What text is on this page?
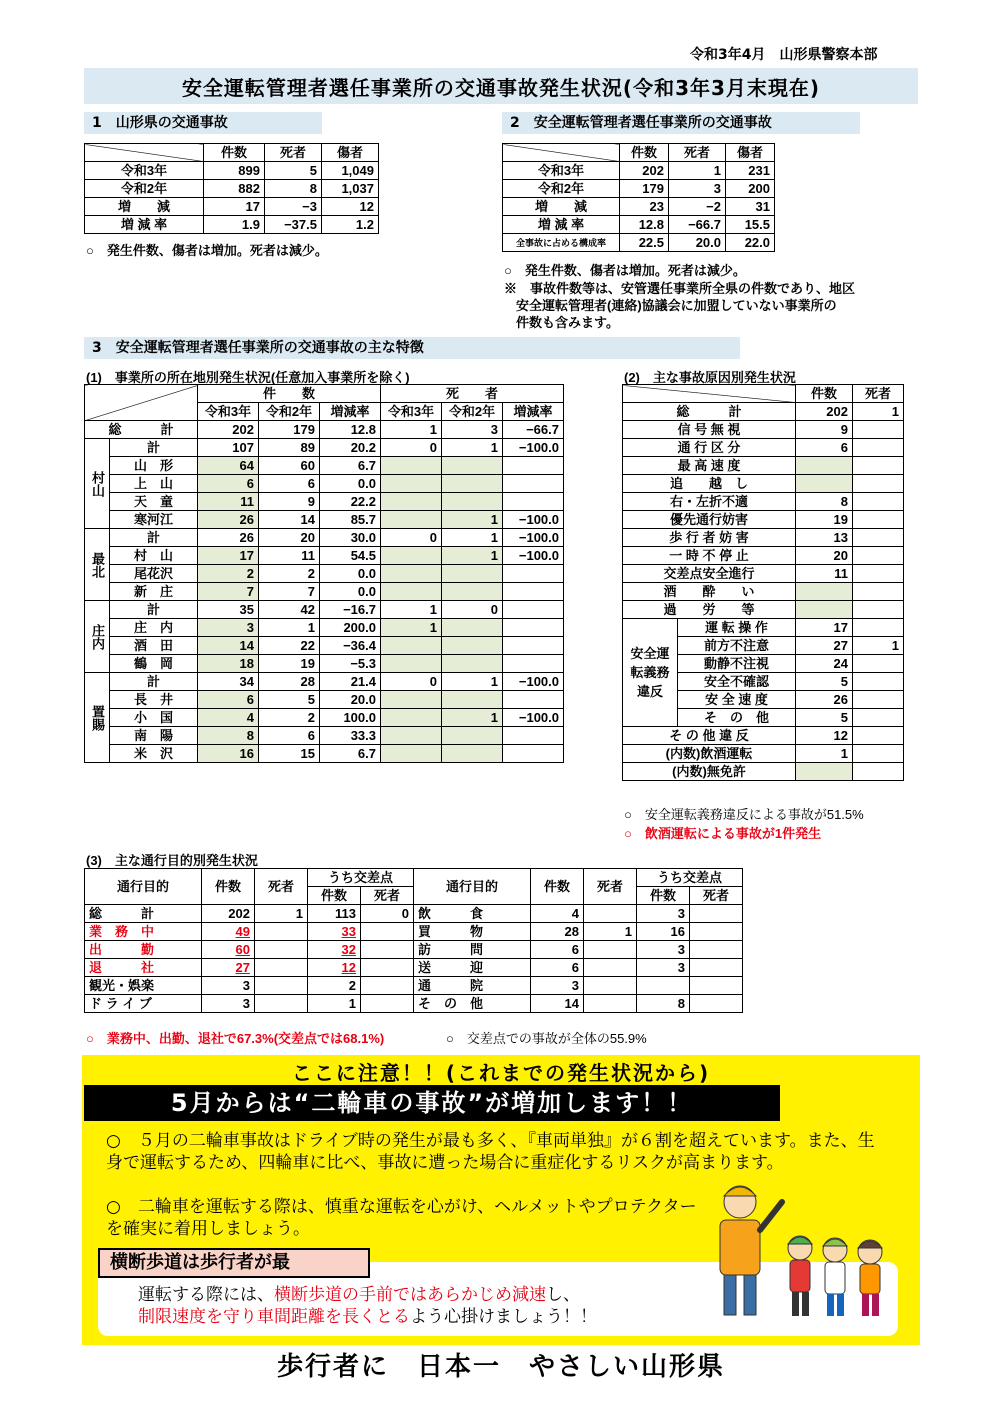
令和3年4月　山形県警察本部
安全運転管理者選任事業所の交通事故発生状況(令和3年3月末現在)
1　山形県の交通事故
	件数	死者	傷者
令和3年	899	5	1,049
令和2年	882	8	1,037
増　　減	17	−3	12
増 減 率	1.9	−37.5	1.2
○　発生件数、傷者は増加。死者は減少。
2　安全運転管理者選任事業所の交通事故
	件数	死者	傷者
令和3年	202	1	231
令和2年	179	3	200
増　　減	23	−2	31
増 減 率	12.8	−66.7	15.5
全事故に占める構成率	22.5	20.0	22.0
○　発生件数、傷者は増加。死者は減少。
※　事故件数等は、安管選任事業所全県の件数であり、地区
安全運転管理者(連絡)協議会に加盟していない事業所の
件数も含みます。
3　安全運転管理者選任事業所の交通事故の主な特徴
(1)　事業所の所在地別発生状況(任意加入事業所を除く)
		件　　数			死　　者		
		令和3年	令和2年	増減率	令和3年	令和2年	増減率
総　　　計		202	179	12.8	1	3	−66.7
村山	計	107	89	20.2	0	1	−100.0
	山　形	64	60	6.7			
	上　山	6	6	0.0			
	天　童	11	9	22.2			
	寒河江	26	14	85.7		1	−100.0
最北	計	26	20	30.0	0	1	−100.0
	村　山	17	11	54.5		1	−100.0
	尾花沢	2	2	0.0			
	新　庄	7	7	0.0			
庄内	計	35	42	−16.7	1	0	
	庄　内	3	1	200.0	1		
	酒　田	14	22	−36.4			
	鶴　岡	18	19	−5.3			
置賜	計	34	28	21.4	0	1	−100.0
	長　井	6	5	20.0			
	小　国	4	2	100.0		1	−100.0
	南　陽	8	6	33.3			
	米　沢	16	15	6.7			
(2)　主な事故原因別発生状況
		件数	死者
総　　　計		202	1
信 号 無 視		9	
通 行 区 分		6	
最 高 速 度			
追　　越　し			
右・左折不適		8	
優先通行妨害		19	
歩 行 者 妨 害		13	
一 時 不 停 止		20	
交差点安全進行		11	
酒　　酔　　い			
過　　労　　等			
安全運転義務違反	運 転 操 作	17	
	前方不注意	27	1
	動静不注視	24	
	安全不確認	5	
	安 全 速 度	26	
	そ　の　他	5	
そ の 他 違 反		12	
(内数)飲酒運転		1	
(内数)無免許			
○　安全運転義務違反による事故が51.5%
○　飲酒運転による事故が1件発生
(3)　主な通行目的別発生状況
通行目的	件数	死者	うち交差点		通行目的	件数	死者	うち交差点	
			件数	死者				件数	死者
総　　　計	202	1	113	0	飲　　　食	4		3	
業　務　中	49		33		買　　　物	28	1	16	
出　　　勤	60		32		訪　　　問	6		3	
退　　　社	27		12		送　　　迎	6		3	
観光・娯楽	3		2		通　　　院	3			
ド ラ イ ブ	3		1		そ　の　他	14		8	
○　業務中、出勤、退社で67.3%(交差点では68.1%)	○　交差点での事故が全体の55.9%
ここに注意！！(これまでの発生状況から)
5月からは“二輪車の事故”が増加します！！
○　５月の二輪車事故はドライブ時の発生が最も多く、『車両単独』が６割を超えています。また、生身で運転するため、四輪車に比べ、事故に遭った場合に重症化するリスクが高まります。
○　二輪車を運転する際は、慎重な運転を心がけ、ヘルメットやプロテクターを確実に着用しましょう。
横断歩道は歩行者が最
運転する際には、横断歩道の手前ではあらかじめ減速し、
制限速度を守り車間距離を長くとるよう心掛けましょう！！
歩行者に　日本一　やさしい山形県
